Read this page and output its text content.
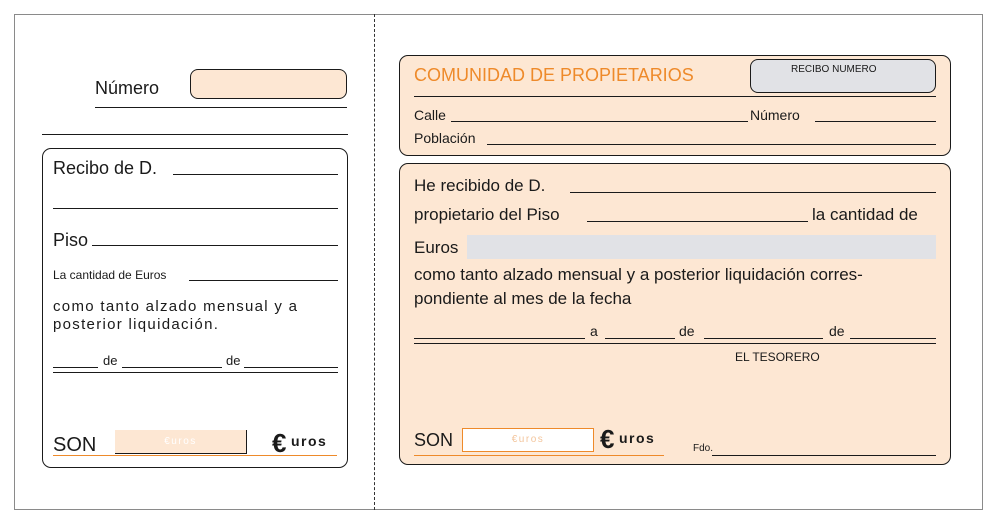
Número
Recibo de D.
Piso
La cantidad de Euros
como tanto alzado mensual y a
posterior liquidación.
de	de
SON	€uros	€ uros
COMUNIDAD DE PROPIETARIOS	RECIBO NUMERO
Calle	Número
Población
He recibido de D.
propietario del Piso	la cantidad de
Euros
como tanto alzado mensual y a posterior liquidación corres-
pondiente al mes de la fecha
a	de	de
EL TESORERO
SON	€uros	€ uros
Fdo.
